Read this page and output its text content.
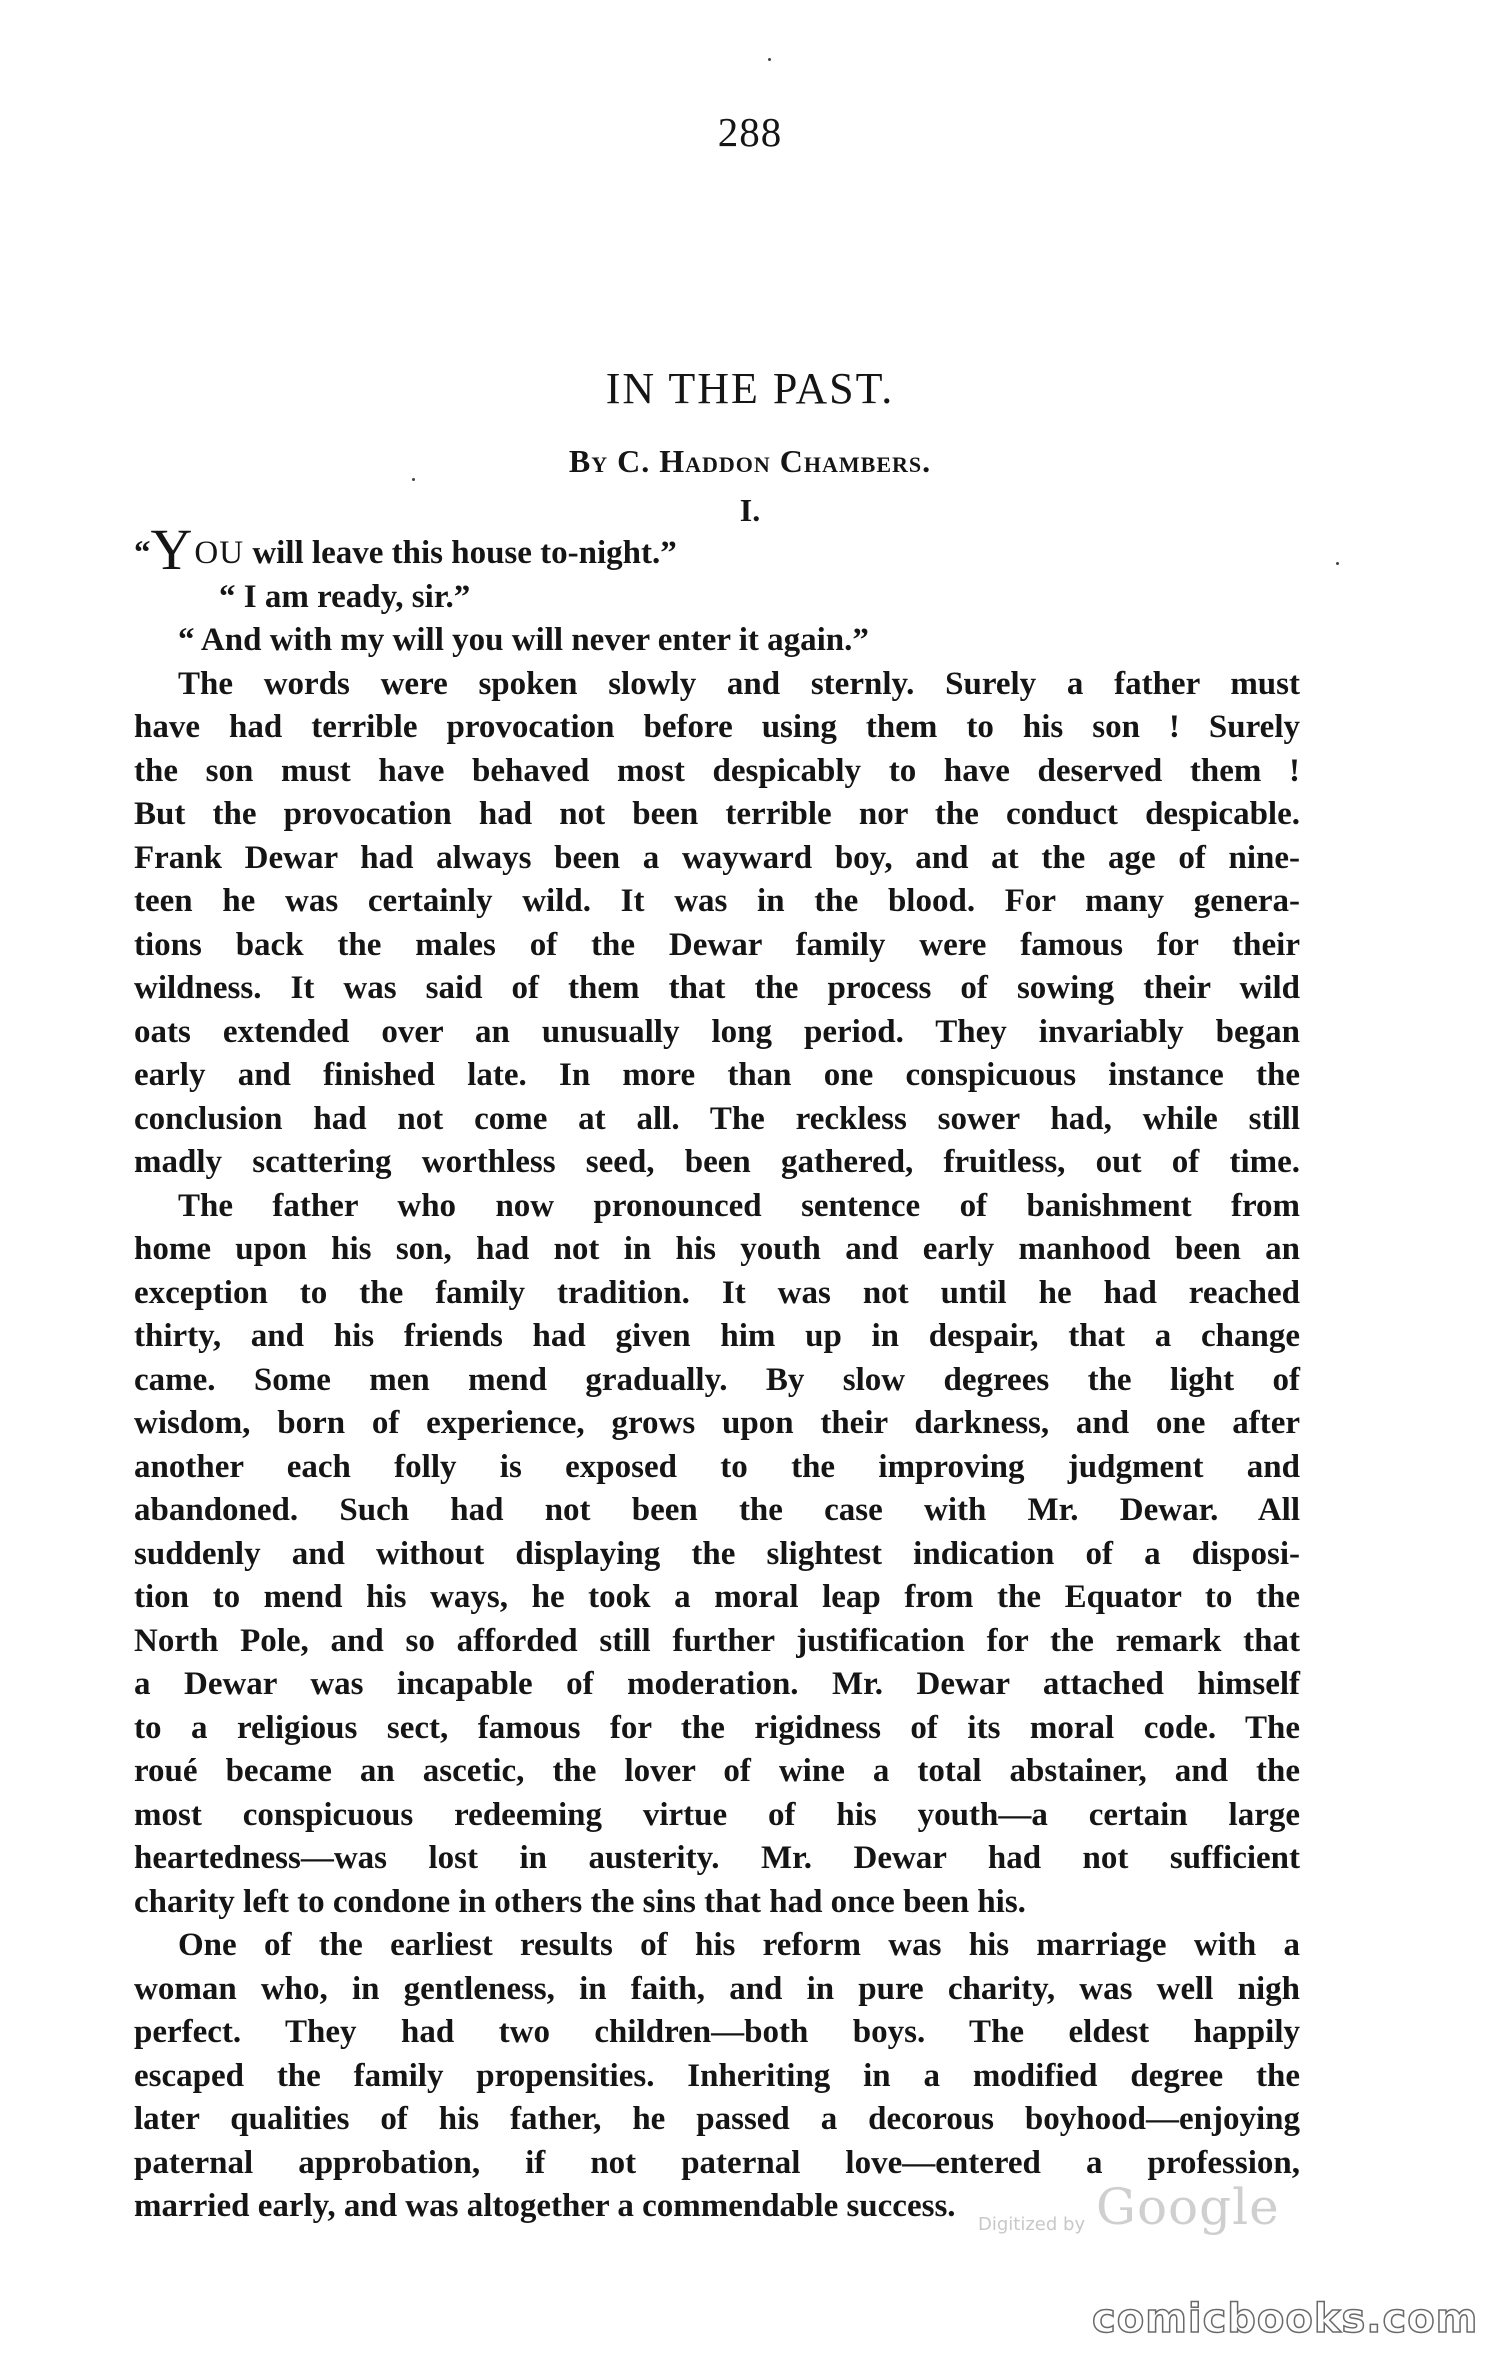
288
IN THE PAST.
By C. Haddon Chambers.
I.
“YOU will leave this house to-night.”
“ I am ready, sir.”
“ And with my will you will never enter it again.”
The words were spoken slowly and sternly. Surely a father must
have had terrible provocation before using them to his son ! Surely
the son must have behaved most despicably to have deserved them !
But the provocation had not been terrible nor the conduct despicable.
Frank Dewar had always been a wayward boy, and at the age of nine-
teen he was certainly wild. It was in the blood. For many genera-
tions back the males of the Dewar family were famous for their
wildness. It was said of them that the process of sowing their wild
oats extended over an unusually long period. They invariably began
early and finished late. In more than one conspicuous instance the
conclusion had not come at all. The reckless sower had, while still
madly scattering worthless seed, been gathered, fruitless, out of time.
The father who now pronounced sentence of banishment from
home upon his son, had not in his youth and early manhood been an
exception to the family tradition. It was not until he had reached
thirty, and his friends had given him up in despair, that a change
came. Some men mend gradually. By slow degrees the light of
wisdom, born of experience, grows upon their darkness, and one after
another each folly is exposed to the improving judgment and
abandoned. Such had not been the case with Mr. Dewar. All
suddenly and without displaying the slightest indication of a disposi-
tion to mend his ways, he took a moral leap from the Equator to the
North Pole, and so afforded still further justification for the remark that
a Dewar was incapable of moderation. Mr. Dewar attached himself
to a religious sect, famous for the rigidness of its moral code. The
roué became an ascetic, the lover of wine a total abstainer, and the
most conspicuous redeeming virtue of his youth—a certain large
heartedness—was lost in austerity. Mr. Dewar had not sufficient
charity left to condone in others the sins that had once been his.
One of the earliest results of his reform was his marriage with a
woman who, in gentleness, in faith, and in pure charity, was well nigh
perfect. They had two children—both boys. The eldest happily
escaped the family propensities. Inheriting in a modified degree the
later qualities of his father, he passed a decorous boyhood—enjoying
paternal approbation, if not paternal love—entered a profession,
married early, and was altogether a commendable success.
Digitized by Google
comicbooks.com
